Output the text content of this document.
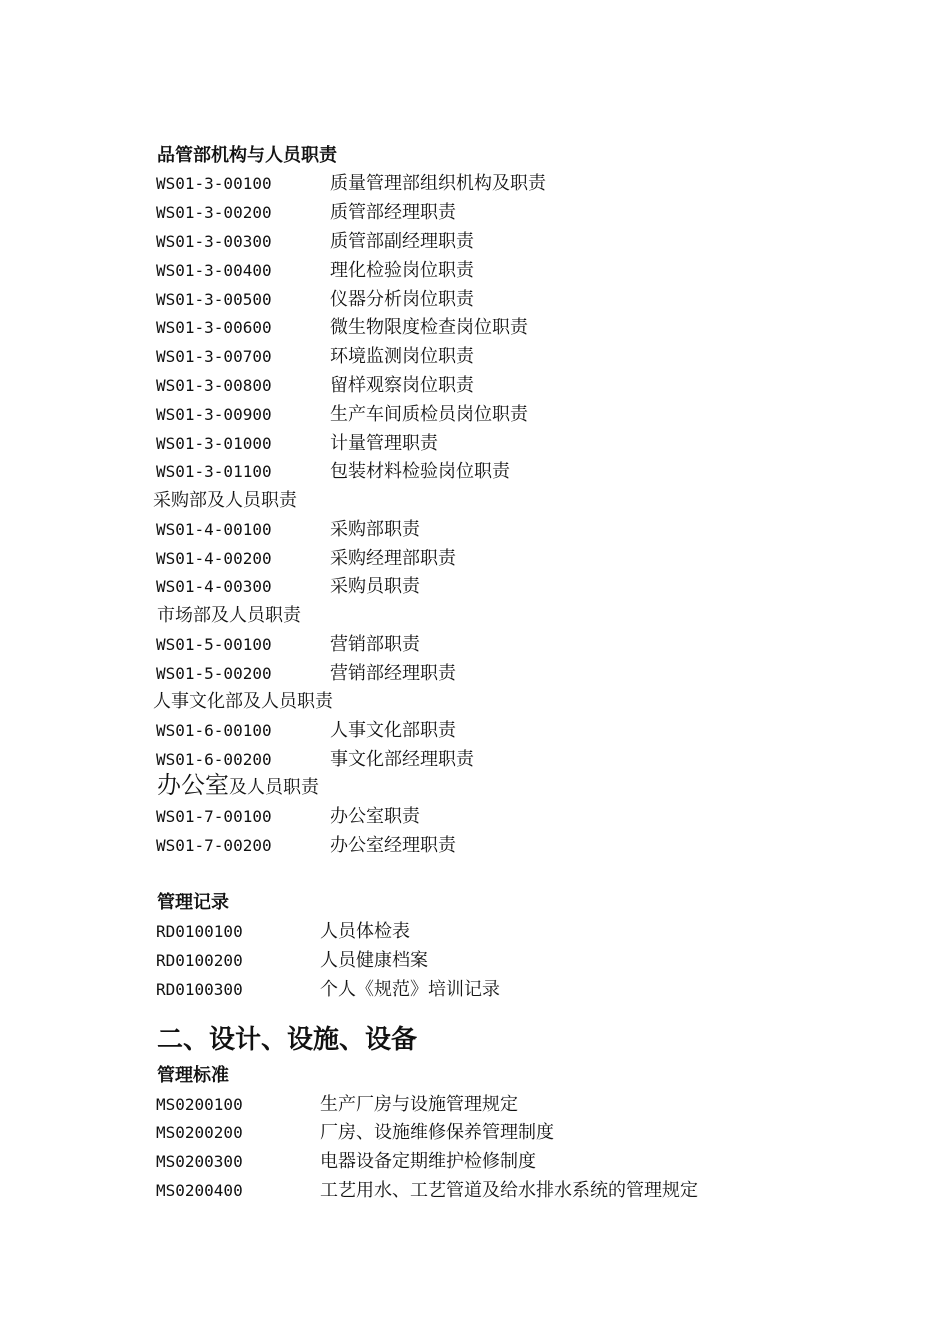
品管部机构与人员职责
WS01-3-00100	质量管理部组织机构及职责
WS01-3-00200	质管部经理职责
WS01-3-00300	质管部副经理职责
WS01-3-00400	理化检验岗位职责
WS01-3-00500	仪器分析岗位职责
WS01-3-00600	微生物限度检查岗位职责
WS01-3-00700	环境监测岗位职责
WS01-3-00800	留样观察岗位职责
WS01-3-00900	生产车间质检员岗位职责
WS01-3-01000	计量管理职责
WS01-3-01100	包装材料检验岗位职责
采购部及人员职责
WS01-4-00100	采购部职责
WS01-4-00200	采购经理部职责
WS01-4-00300	采购员职责
市场部及人员职责
WS01-5-00100	营销部职责
WS01-5-00200	营销部经理职责
人事文化部及人员职责
WS01-6-00100	人事文化部职责
WS01-6-00200	事文化部经理职责
办公室及人员职责
WS01-7-00100	办公室职责
WS01-7-00200	办公室经理职责
管理记录
RD0100100	人员体检表
RD0100200	人员健康档案
RD0100300	个人《规范》培训记录
二、设计、设施、设备
管理标准
MS0200100	生产厂房与设施管理规定
MS0200200	厂房、设施维修保养管理制度
MS0200300	电器设备定期维护检修制度
MS0200400	工艺用水、工艺管道及给水排水系统的管理规定
